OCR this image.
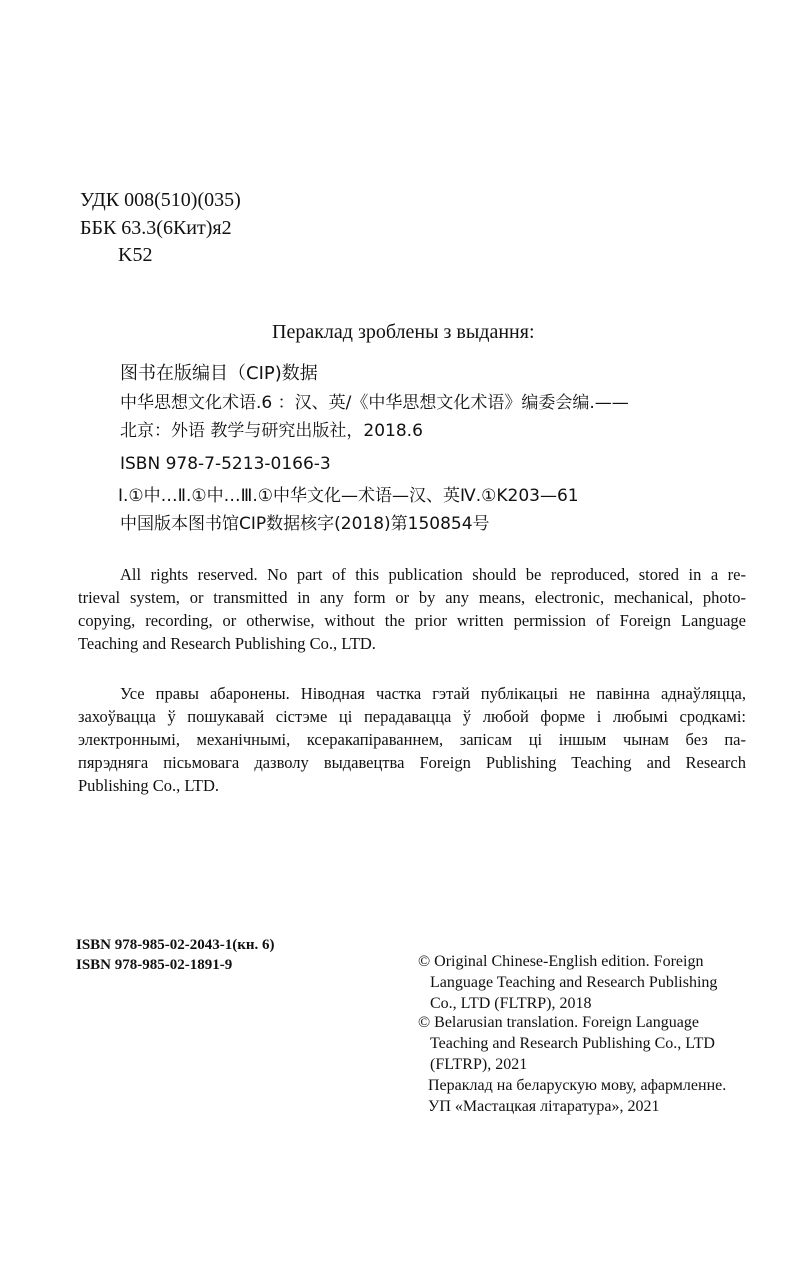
УДК 008(510)(035)
ББК 63.3(6Кит)я2
K52
Пераклад зроблены з выдання:
图书在版编目（CIP)数据
中华思想文化术语.6 ：汉、英/《中华思想文化术语》编委会编.——
北京：外语 教学与研究出版社，2018.6
ISBN 978-7-5213-0166-3
Ⅰ.①中…Ⅱ.①中…Ⅲ.①中华文化—术语—汉、英Ⅳ.①K203—61
中国版本图书馆CIP数据核字(2018)第150854号
All rights reserved. No part of this publication should be reproduced, stored in a re-
trieval system, or transmitted in any form or by any means, electronic, mechanical, photo-
copying, recording, or otherwise, without the prior written permission of Foreign Language
Teaching and Research Publishing Co., LTD.
Усе правы абаронены. Ніводная частка гэтай публікацыі не павінна аднаўляцца,
захоўвацца ў пошукавай сістэме ці перадавацца ў любой форме і любымі сродкамі:
электроннымі, механічнымі, ксеракапіраваннем, запісам ці іншым чынам без па-
пярэдняга пісьмовага дазволу выдавецтва Foreign Publishing Teaching and Research
Publishing Co., LTD.
ISBN 978-985-02-2043-1(кн. 6)
ISBN 978-985-02-1891-9	© Original Chinese-English edition. Foreign
Language Teaching and Research Publishing
Co., LTD (FLTRP), 2018
© Belarusian translation. Foreign Language
Teaching and Research Publishing Co., LTD
(FLTRP), 2021
Пераклад на беларускую мову, афармленне.
УП «Мастацкая літаратура», 2021
